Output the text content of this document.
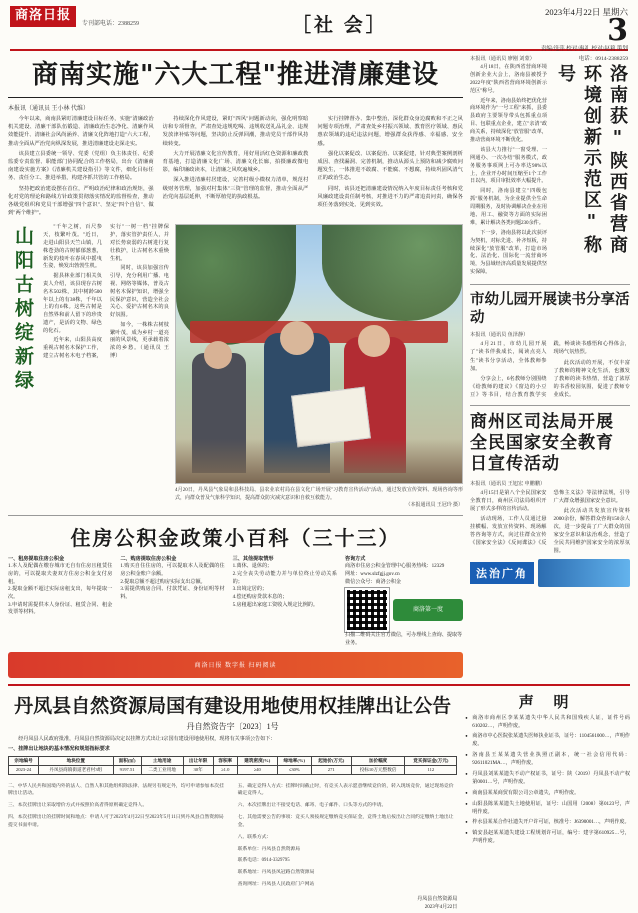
商洛日报
专刊部电话：2388259	［社 会］
2023年4月22日 星期六
3
责编/选萍 校对/惠礼 校对/赵莉 策划
电话：0914-2388259
商南实施"六大工程"推进清廉建设
本报讯（通讯员 王小林 代维）

今年以来，商南县紧盯清廉建设目标任务，实施"清廉政治机关建设、清廉干部队伍锻造、清廉政治生态净化、清廉作风效能提升、清廉社会风尚涵养、清廉文化阵地打造"六大工程，推动全面从严治党向纵深发展，推进清廉建设走深走实。

该县建立县委统一领导、党委（党组）负主体责任、纪委监委专责监督、职能部门协同配合的工作格局，出台《清廉商南建设实施方案》《清廉机关建设指引》等文件，细化目标任务、责任分工、推进举措，构建齐抓共管的工作格局。

坚持把政治建设摆在首位，严明政治纪律和政治规矩，强化对党的理论和路线方针政策贯彻落实情况的监督检查，推动各级党组织和党员干部增强"四个意识"、坚定"四个自信"、做到"两个维护"。

持续深化作风建设，紧盯"四风"问题新动向，强化明察暗访和专项督查，严肃查处违规吃喝、违规收送礼品礼金、违规发放津补贴等问题，坚决防止反弹回潮，推动党员干部作风持续转变。

大力开展清廉文化宣传教育，用好用活红色资源和廉政教育基地，打造清廉文化广场、清廉文化长廊，拍摄廉政微电影，编印廉政读本，让清廉之风吹遍城乡。

深入推进清廉村居建设，完善村级小微权力清单，规范村级财务管理，加强对村集体"三资"管理的监督，推动全面从严治党向基层延伸，不断厚植党的执政根基。

实行挂牌督办、集中整治，深化群众身边腐败和不正之风问题专项治理，严肃查处乡村振兴领域、教育医疗领域、惠民惠农领域的违纪违法问题，增强群众获得感、幸福感、安全感。

强化以案促改、以案促治、以案促建，针对典型案例剖析成因、查找漏洞、完善机制，推动从源头上预防和减少腐败问题发生，一体推进不敢腐、不能腐、不想腐，持续巩固风清气正的政治生态。

同时，该县还把清廉建设情况纳入年度目标责任考核和党风廉政建设责任制考核，对推进不力的严肃追责问责，确保各项任务落到实处、见到实效。

山阳古树绽新绿	"千年之树，百尺参天，枝繁叶茂。"近日，走进山阳县天竺山镇，几株苍劲的古树郁郁葱葱，新发的枝叶在春风中摇曳生姿，焕发出勃勃生机。

据县林业部门相关负责人介绍，该县现存古树名木502株，其中树龄500年以上的有38株，千年以上的有6株。这些古树是自然界和前人留下的珍贵遗产，是活的文物、绿色的化石。

近年来，山阳县高度重视古树名木保护工作，建立古树名木电子档案，实行"一树一档"挂牌保护，落实管护责任人，并对长势衰弱的古树进行复壮救护，让古树名木重焕生机。

同时，该县加强宣传引导，充分利用广播、电视、网络等媒体，普及古树名木保护知识，增强全民保护意识，营造全社会关心、爱护古树名木的良好氛围。

如今，一株株古树枝繁叶茂，成为乡村一道亮丽的风景线，更承载着浓浓的乡愁。（通讯员 王 博）

4月20日，丹凤县气象局和县科技局、县农业农村局在县文化广场开展"习教育宣传活动"活动，通过发放宣传资料、现场咨询等形式，向群众普及气象科学知识，提高群众防灾减灾意识和自救互救能力。
（本报通讯员 王冠玲 摄）
住房公积金政策小百科（三十三）
一、租房提取住房公积金
1.本人及配偶在缴存城市无自有住房且租赁住房的，可以提取夫妻双方住房公积金支付房租。
2.提取金额不超过实际房租支出，每年提取一次。
3.申请时需提供本人身份证、租赁合同、租金发票等材料。
二、购房提取住房公积金
1.购买自住住房的，可以提取本人及配偶的住房公积金账户余额。
2.提取总额不超过购房实际支出总额。
3.需提供购房合同、付款凭证、身份证明等材料。
三、其他提取情形
1.离休、退休的；
2.完全丧失劳动能力并与单位终止劳动关系的；
3.出境定居的；
4.偿还购房贷款本息的；
5.房租超出家庭工资收入规定比例的。
咨询方式
商洛市住房公积金管理中心服务热线：12329
网址：www.slzfgjj.gov.cn
微信公众号：商洛公积金
商洛第一度
扫描二维码关注官方微信，可办理线上查询、提取等业务。
商洛日报 数字报 扫码阅读
本报讯（通讯员 廖刚 刘蒙）

4月18日，在陕西省营商环境创新企业大会上，洛南县被授予2022年度"陕西省营商环境创新示范区"称号。

近年来，洛南县始终把优化营商环境作为"一号工程"来抓，县委县政府主要领导带头包抓重点项目、包联重点企业，建立"亲清"政商关系，持续深化"放管服"改革，推动营商环境不断优化。

该县大力推行"一窗受理、一网通办、一次办结"服务模式，政务服务事项网上可办率达98%以上，企业开办时间压缩至1个工作日以内，项目审批效率大幅提升。

同时，洛南县建立"四级包抓"服务机制，为企业提供全生命周期服务，及时协调解决企业在用地、用工、融资等方面的实际困难，累计解决各类问题230余件。

下一步，洛南县将以此次获评为契机，对标先进、补齐短板，持续深化"放管服"改革，打造市场化、法治化、国际化一流营商环境，为县域经济高质量发展提供坚实保障。

洛南获"陕西省营商环境创新示范区"称号
市幼儿园开展读书分享活动
本报讯（通讯员 鱼泽静）

4月21日，市幼儿园开展了"读书伴我成长，阅读点亮人生"读书分享活动，全体教师参加。

分享会上，6名教师分别围绕《给教师的建议》《窗边的小豆豆》等书目，结合教育教学实践，畅谈读书感悟和心得体会，现场气氛热烈。

此次活动的开展，不仅丰富了教师的精神文化生活，也激发了教师的读书热情，营造了浓厚的书香校园氛围，促进了教师专业成长。

商州区司法局开展全民国家安全教育日宣传活动
本报讯（通讯员 王旭宏 申鹏鹏）

4月15日是第八个全民国家安全教育日，商州区司法局组织开展了形式多样的宣传活动。

活动现场，工作人员通过悬挂横幅、发放宣传资料、现场解答咨询等方式，向过往群众宣传《国家安全法》《反间谍法》《反恐怖主义法》等法律法规，引导广大群众增强国家安全意识。

此次活动共发放宣传资料2000余份，解答群众咨询150余人次，进一步提高了广大群众的国家安全意识和法治观念，营造了全民共同维护国家安全的浓厚氛围。

法治广角
丹凤县自然资源局国有建设用地使用权挂牌出让公告
丹自然资告字〔2023〕1号

经丹凤县人民政府批准，丹凤县自然资源局决定以挂牌方式出让1宗国有建设用地使用权，现将有关事项公告如下：

一、挂牌出让地块的基本情况和规划指标要求

宗地编号	地块位置	面积(㎡)	土地用途	出让年限	容积率	建筑密度(%)	绿地率(%)	起始价(万元)	加价幅度	竞买保证金(万元)
2023-24	丹凤县商镇街道老君村3组	9197.51	二类工业用地	30年	≥1.0	≥40	≤30%	271	投标10万元整数倍	112

二、中华人民共和国境内外的法人、自然人和其他组织除法律、法规另有规定外，均可申请参加本次挂牌出让活动。

三、本次挂牌出让采取增价方式并按照价高者得原则确定竞得人。

四、本次挂牌出让的挂牌时间和地点：申请人可于2023年4月22日至2023年5月11日到丹凤县自然资源局提交书面申请。

五、确定竞得人方式：挂牌时间截止时，有竞买人表示愿意继续竞价的，转入现场竞价，通过现场竞价确定竞得人。

六、本次挂牌出让不接受电话、邮寄、电子邮件、口头等方式的申请。

七、其他需要公告的事项：竞买人须按规定缴纳竞买保证金，竞得土地后按出让合同约定缴纳土地出让金。

八、联系方式：

联系单位：丹凤县自然资源局

联系电话：0914-3329795

联系地址：丹凤县凤冠路自然资源局

查询网址：丹凤县人民政府门户网站

丹凤县自然资源局
2023年4月22日
声 明
● 商洛市商州区李某某遗失中华人民共和国残疾人证，证件号码610202…，声明作废。
● 商洛市中心医院张某遗失医师执业证书，证号：1104561000…，声明作废。
● 洛南县王某某遗失营业执照正副本，统一社会信用代码：92611021MA…，声明作废。
● 丹凤县刘某某遗失不动产权证书，证号：陕（2019）丹凤县不动产权第0001…号，声明作废。
● 商南县某某商贸有限公司公章遗失，声明作废。
● 山阳县陈某某遗失土地使用证，证号：山国用（2008）第0123号，声明作废。
● 柞水县某某合作社遗失开户许可证，核准号：J6390001…，声明作废。
● 镇安县赵某某遗失建设工程规划许可证，编号：建字第610925…号，声明作废。
